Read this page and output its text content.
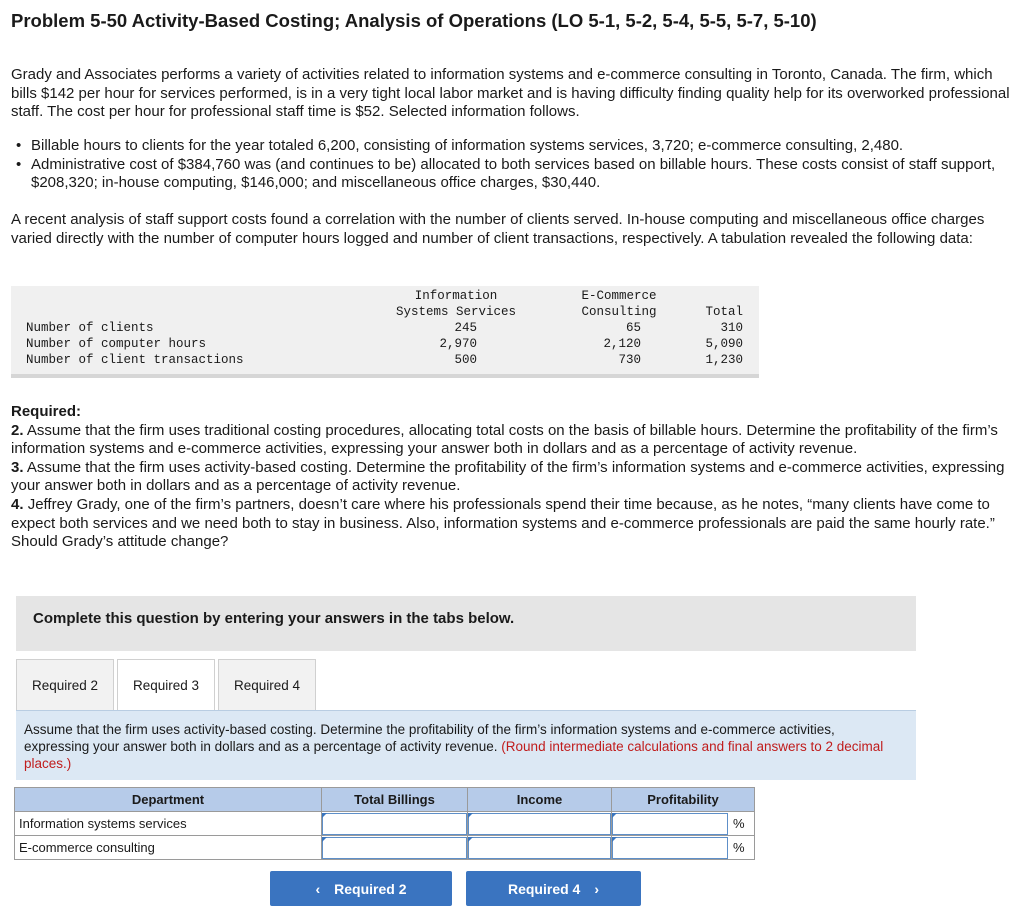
Problem 5-50 Activity-Based Costing; Analysis of Operations (LO 5-1, 5-2, 5-4, 5-5, 5-7, 5-10)
Grady and Associates performs a variety of activities related to information systems and e-commerce consulting in Toronto, Canada. The firm, which bills $142 per hour for services performed, is in a very tight local labor market and is having difficulty finding quality help for its overworked professional staff. The cost per hour for professional staff time is $52. Selected information follows.
• Billable hours to clients for the year totaled 6,200, consisting of information systems services, 3,720; e-commerce consulting, 2,480.
• Administrative cost of $384,760 was (and continues to be) allocated to both services based on billable hours. These costs consist of staff support, $208,320; in-house computing, $146,000; and miscellaneous office charges, $30,440.
A recent analysis of staff support costs found a correlation with the number of clients served. In-house computing and miscellaneous office charges varied directly with the number of computer hours logged and number of client transactions, respectively. A tabulation revealed the following data:
Information
Systems Services
E-Commerce
Consulting	Total
Number of clients	245	65	310
Number of computer hours	2,970	2,120	5,090
Number of client transactions	500	730	1,230
Required:
2. Assume that the firm uses traditional costing procedures, allocating total costs on the basis of billable hours. Determine the profitability of the firm’s information systems and e-commerce activities, expressing your answer both in dollars and as a percentage of activity revenue.
3. Assume that the firm uses activity-based costing. Determine the profitability of the firm’s information systems and e-commerce activities, expressing your answer both in dollars and as a percentage of activity revenue.
4. Jeffrey Grady, one of the firm’s partners, doesn’t care where his professionals spend their time because, as he notes, “many clients have come to expect both services and we need both to stay in business. Also, information systems and e-commerce professionals are paid the same hourly rate.” Should Grady’s attitude change?
Complete this question by entering your answers in the tabs below.
Required 2	Required 3	Required 4
Assume that the firm uses activity-based costing. Determine the profitability of the firm’s information systems and e-commerce activities, expressing your answer both in dollars and as a percentage of activity revenue. (Round intermediate calculations and final answers to 2 decimal places.)
Department	Total Billings	Income	Profitability
Information systems services			%

E-commerce consulting			%
‹ Required 2	Required 4 ›
